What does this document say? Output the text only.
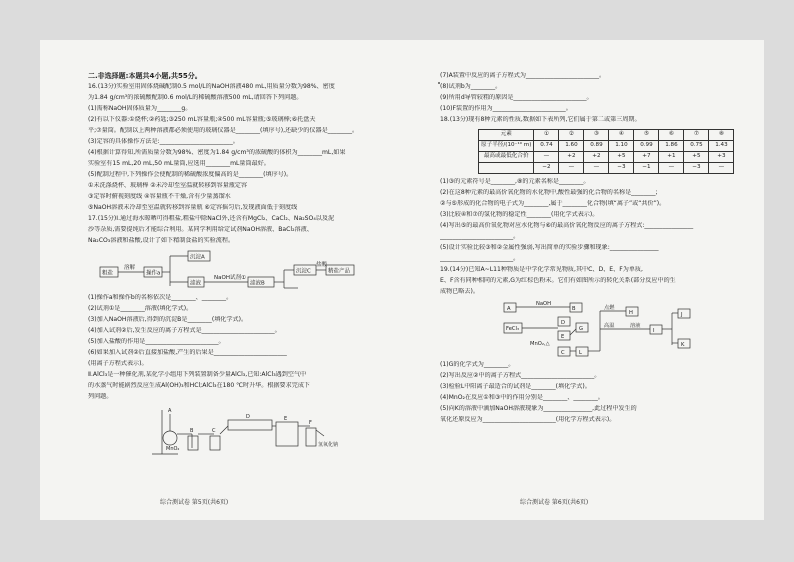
二.非选择题:本题共4小题,共55分。

16.(13分)实验室用固体烧碱配制0.5 mol/L的NaOH溶液480 mL,用质量分数为98%、密度

为1.84 g/cm³的浓硫酸配制0.6 mol/L的稀硫酸溶液500 mL,请回答下列问题。

(1)需称NaOH固体质量为________g。

(2)有以下仪器:①烧杯;②药匙;③250 mL容量瓶;④500 mL容量瓶;⑤玻璃棒;⑥托盘天

平;⑦量筒。配制以上两种溶液都必须使用的玻璃仪器是________(填序号),还缺少的仪器是________。

(3)定容的具体操作方法是:________________________。

(4)根据计算得知,所需质量分数为98%、密度为1.84 g/cm³的浓硫酸的体积为________mL,如果

实验室有15 mL,20 mL,50 mL量筒,应选用________mL量筒最好。

(5)配制过程中,下列操作会使配制的稀硫酸浓度偏高的是________(填序号)。

①未洗涤烧杯、玻璃棒 ②未冷却至室温就转移到容量瓶定容

③定容时俯视刻度线 ④容量瓶不干燥,含有少量蒸馏水

⑤NaOH溶液未冷却至室温就转移到容量瓶 ⑥定容摇匀后,发现液面低于刻度线

17.(15分)Ⅰ.通过海水晾晒可得粗盐,粗盐中除NaCl外,还含有MgCl₂、CaCl₂、Na₂SO₄以及泥

沙等杂质,需要提纯后才能综合利用。某同学利用给定试剂NaOH溶液、BaCl₂溶液、

Na₂CO₃溶液和盐酸,设计了如下精制食盐的实验流程。

粗盐
溶解
操作a
沉淀A
滤液
NaOH 试剂①
滤液B
沉淀C	精盐产品
盐酸

(1)操作a和操作b的名称依次是________、________。

(2)试剂①是________溶液(填化学式)。

(3)加入NaOH溶液后,得到的沉淀B是________(填化学式)。

(4)加入试剂②后,发生反应的离子方程式是________________________。

(5)加入盐酸的作用是________________________。

(6)如果加入试剂②后直接加盐酸,产生的后果是________________________

(用离子方程式表示)。

Ⅱ.AlCl₃是一种催化剂,某化学小组用下列装置制备少量AlCl₃,已知:AlCl₃遇到空气中

的水蒸气时能剧烈反应生成Al(OH)₃和HCl;AlCl₃在180 ℃时升华。根据要求完成下

列问题。

MnO₂
A
B	C
D	E
F
氢氧化钠

(7)A装置中反应的离子方程式为________________________。

(8)试剂b为________。

(9)所用d导管较粗的原因是________________________。

(10)F装置的作用为________________________。

18.(13分)现有8种元素的性质,数据如下表所列,它们属于第二或第三周期。

元素	①	②	③	④	⑤	⑥	⑦	⑧
原子半径/(10⁻¹⁰ m)	0.74	1.60	0.89	1.10	0.99	1.86	0.75	1.43
最高或最低化合价	—	+2	+2	+5	+7	+1	+5	+3
	−2	—	—	−3	−1	—	−3	—

(1)③的元素符号是________,⑧的元素名称是________。

(2)在这8种元素的最高价氧化物的水化物中,酸性最强的化合物的名称是________;

②与⑤形成的化合物的电子式为________,属于________化合物(填“离子”或“共价”)。

(3)比较④和⑦的氢化物的稳定性________(用化学式表示)。

(4)写出⑤的最高价氧化物对应水化物与⑥的最高价氧化物反应的离子方程式:________________

________________________。

(5)设计实验比较③和②金属性强弱,写出简单的实验步骤和现象:________________

________________________。

19.(14分)已知A~L11种物质是中学化学常见物质,其中C、D、E、F为单质,

E、F含有同种相同的元素,G为红棕色粉末。它们有如图所示的转化关系(部分反应中的生

成物已略去)。

A
NaOH
FeCl₃
B
D
E
G
C	L
MnO₂,△
点燃
高温
H
I
J
K
溶液

(1)G的化学式为________。

(2)写出反应②中的离子方程式________________________。

(3)检验L中阳离子最适合的试剂是________(填化学式)。

(4)MnO₂在反应①和③中的作用分别是________、________。

(5)向K的溶液中滴加NaOH溶液现象为________________,此过程中发生的

氧化还原反应为________________________(用化学方程式表示)。

综合测试卷 第5页(共6页)	综合测试卷 第6页(共6页)
